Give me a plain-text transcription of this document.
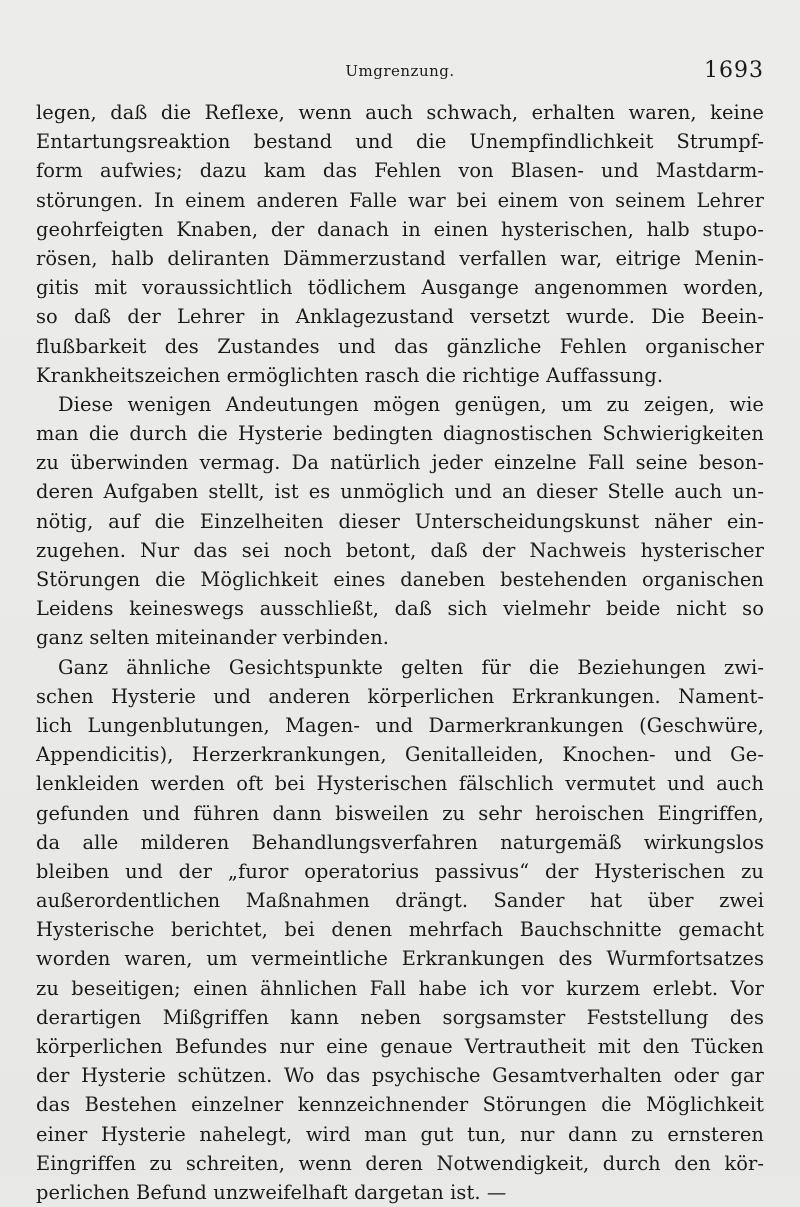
Umgrenzung.	1693
legen, daß die Reflexe, wenn auch schwach, erhalten waren, keine
Entartungsreaktion bestand und die Unempfindlichkeit Strumpf-
form aufwies; dazu kam das Fehlen von Blasen- und Mastdarm-
störungen. In einem anderen Falle war bei einem von seinem Lehrer
geohrfeigten Knaben, der danach in einen hysterischen, halb stupo-
rösen, halb deliranten Dämmerzustand verfallen war, eitrige Menin-
gitis mit voraussichtlich tödlichem Ausgange angenommen worden,
so daß der Lehrer in Anklagezustand versetzt wurde. Die Beein-
flußbarkeit des Zustandes und das gänzliche Fehlen organischer
Krankheitszeichen ermöglichten rasch die richtige Auffassung.
Diese wenigen Andeutungen mögen genügen, um zu zeigen, wie
man die durch die Hysterie bedingten diagnostischen Schwierigkeiten
zu überwinden vermag. Da natürlich jeder einzelne Fall seine beson-
deren Aufgaben stellt, ist es unmöglich und an dieser Stelle auch un-
nötig, auf die Einzelheiten dieser Unterscheidungskunst näher ein-
zugehen. Nur das sei noch betont, daß der Nachweis hysterischer
Störungen die Möglichkeit eines daneben bestehenden organischen
Leidens keineswegs ausschließt, daß sich vielmehr beide nicht so
ganz selten miteinander verbinden.
Ganz ähnliche Gesichtspunkte gelten für die Beziehungen zwi-
schen Hysterie und anderen körperlichen Erkrankungen. Nament-
lich Lungenblutungen, Magen- und Darmerkrankungen (Geschwüre,
Appendicitis), Herzerkrankungen, Genitalleiden, Knochen- und Ge-
lenkleiden werden oft bei Hysterischen fälschlich vermutet und auch
gefunden und führen dann bisweilen zu sehr heroischen Eingriffen,
da alle milderen Behandlungsverfahren naturgemäß wirkungslos
bleiben und der „furor operatorius passivus“ der Hysterischen zu
außerordentlichen Maßnahmen drängt. Sander hat über zwei
Hysterische berichtet, bei denen mehrfach Bauchschnitte gemacht
worden waren, um vermeintliche Erkrankungen des Wurmfortsatzes
zu beseitigen; einen ähnlichen Fall habe ich vor kurzem erlebt. Vor
derartigen Mißgriffen kann neben sorgsamster Feststellung des
körperlichen Befundes nur eine genaue Vertrautheit mit den Tücken
der Hysterie schützen. Wo das psychische Gesamtverhalten oder gar
das Bestehen einzelner kennzeichnender Störungen die Möglichkeit
einer Hysterie nahelegt, wird man gut tun, nur dann zu ernsteren
Eingriffen zu schreiten, wenn deren Notwendigkeit, durch den kör-
perlichen Befund unzweifelhaft dargetan ist. —
